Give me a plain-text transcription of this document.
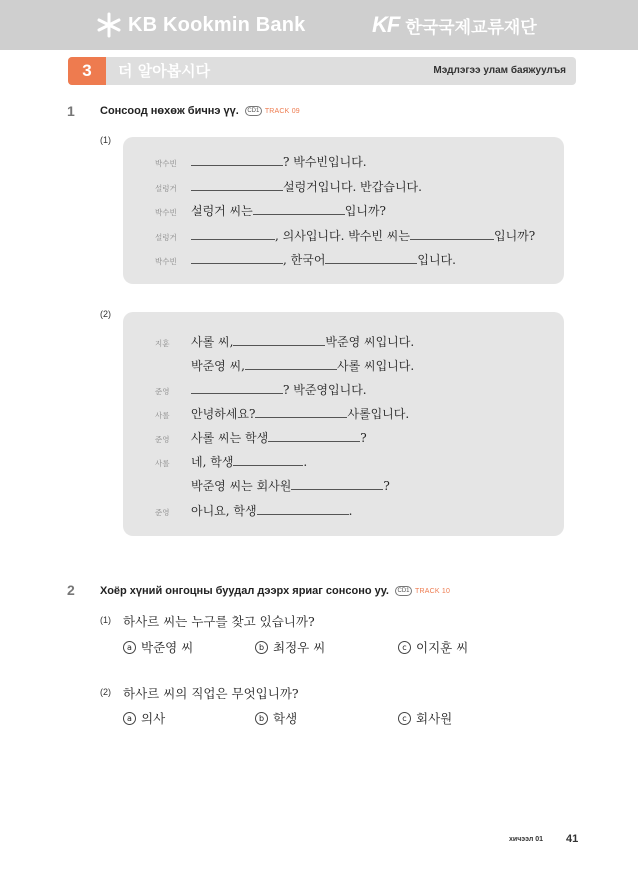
KB Kookmin Bank	KF 한국국제교류재단
3	더 알아봅시다	Мэдлэгээ улам баяжуулъя
1 Сонсоод нөхөж бичнэ үү.	CD1 TRACK 09
(1)
박수빈	? 박수빈입니다.
설렁거	설렁거입니다. 반갑습니다.
박수빈	설렁거 씨는	입니까?
설렁거	, 의사입니다. 박수빈 씨는	입니까?
박수빈	, 한국어	입니다.
(2)
지훈	사롤 씨,	박준영 씨입니다.
박준영 씨,	사롤 씨입니다.
준영	? 박준영입니다.
사롤	안녕하세요?	사롤입니다.
준영	사롤 씨는 학생	?
사롤	네, 학생	.
박준영 씨는 회사원	?
준영	아니요, 학생	.
2 Хоёр хүний онгоцны буудал дээрх яриаг сонсоно уу.	CD1 TRACK 10
(1) 하사르 씨는 누구를 찾고 있습니까?
a 박준영 씨	b 최정우 씨	c 이지훈 씨
(2) 하사르 씨의 직업은 무엇입니까?
a 의사	b 학생	c 회사원
хичээл 01 41
